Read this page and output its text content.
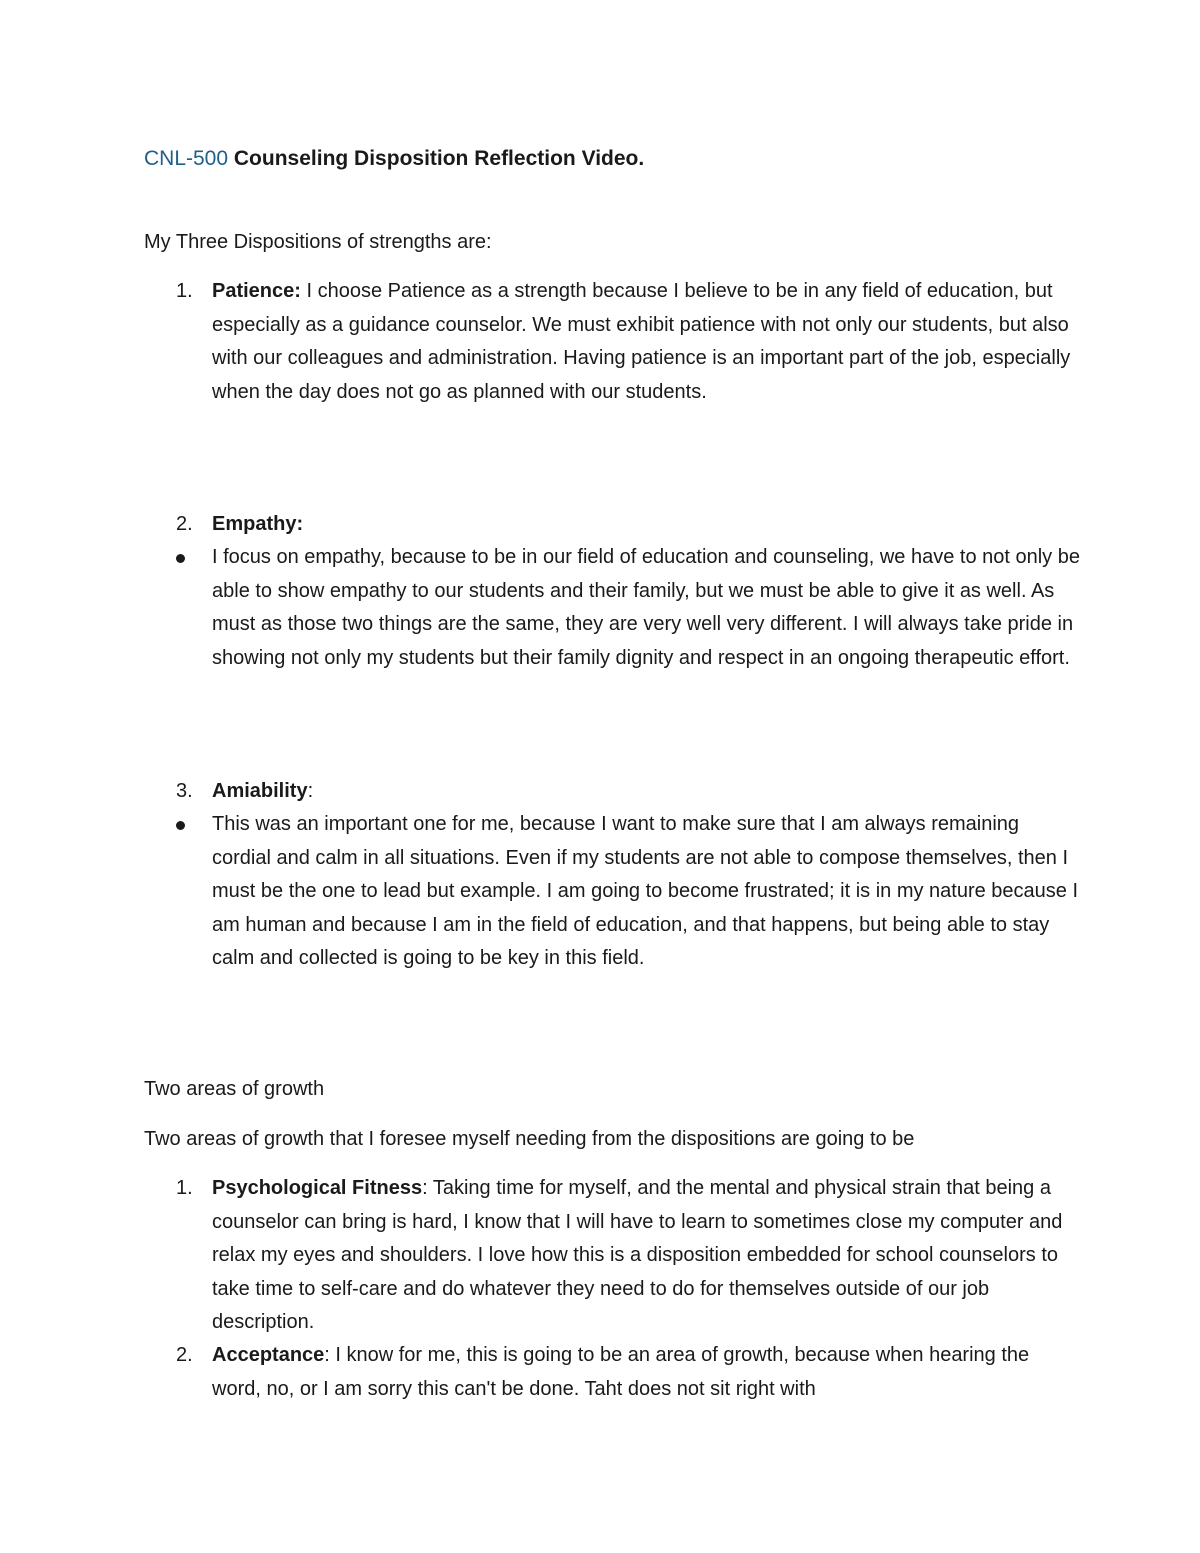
CNL-500 Counseling Disposition Reflection Video.
My Three Dispositions of strengths are:
1. Patience: I choose Patience as a strength because I believe to be in any field of education, but especially as a guidance counselor. We must exhibit patience with not only our students, but also with our colleagues and administration. Having patience is an important part of the job, especially when the day does not go as planned with our students.
2. Empathy:
I focus on empathy, because to be in our field of education and counseling, we have to not only be able to show empathy to our students and their family, but we must be able to give it as well. As must as those two things are the same, they are very well very different. I will always take pride in showing not only my students but their family dignity and respect in an ongoing therapeutic effort.
3. Amiability:
This was an important one for me, because I want to make sure that I am always remaining cordial and calm in all situations. Even if my students are not able to compose themselves, then I must be the one to lead but example. I am going to become frustrated; it is in my nature because I am human and because I am in the field of education, and that happens, but being able to stay calm and collected is going to be key in this field.
Two areas of growth
Two areas of growth that I foresee myself needing from the dispositions are going to be
1. Psychological Fitness: Taking time for myself, and the mental and physical strain that being a counselor can bring is hard, I know that I will have to learn to sometimes close my computer and relax my eyes and shoulders. I love how this is a disposition embedded for school counselors to take time to self-care and do whatever they need to do for themselves outside of our job description.
2. Acceptance: I know for me, this is going to be an area of growth, because when hearing the word, no, or I am sorry this can't be done. Taht does not sit right with
